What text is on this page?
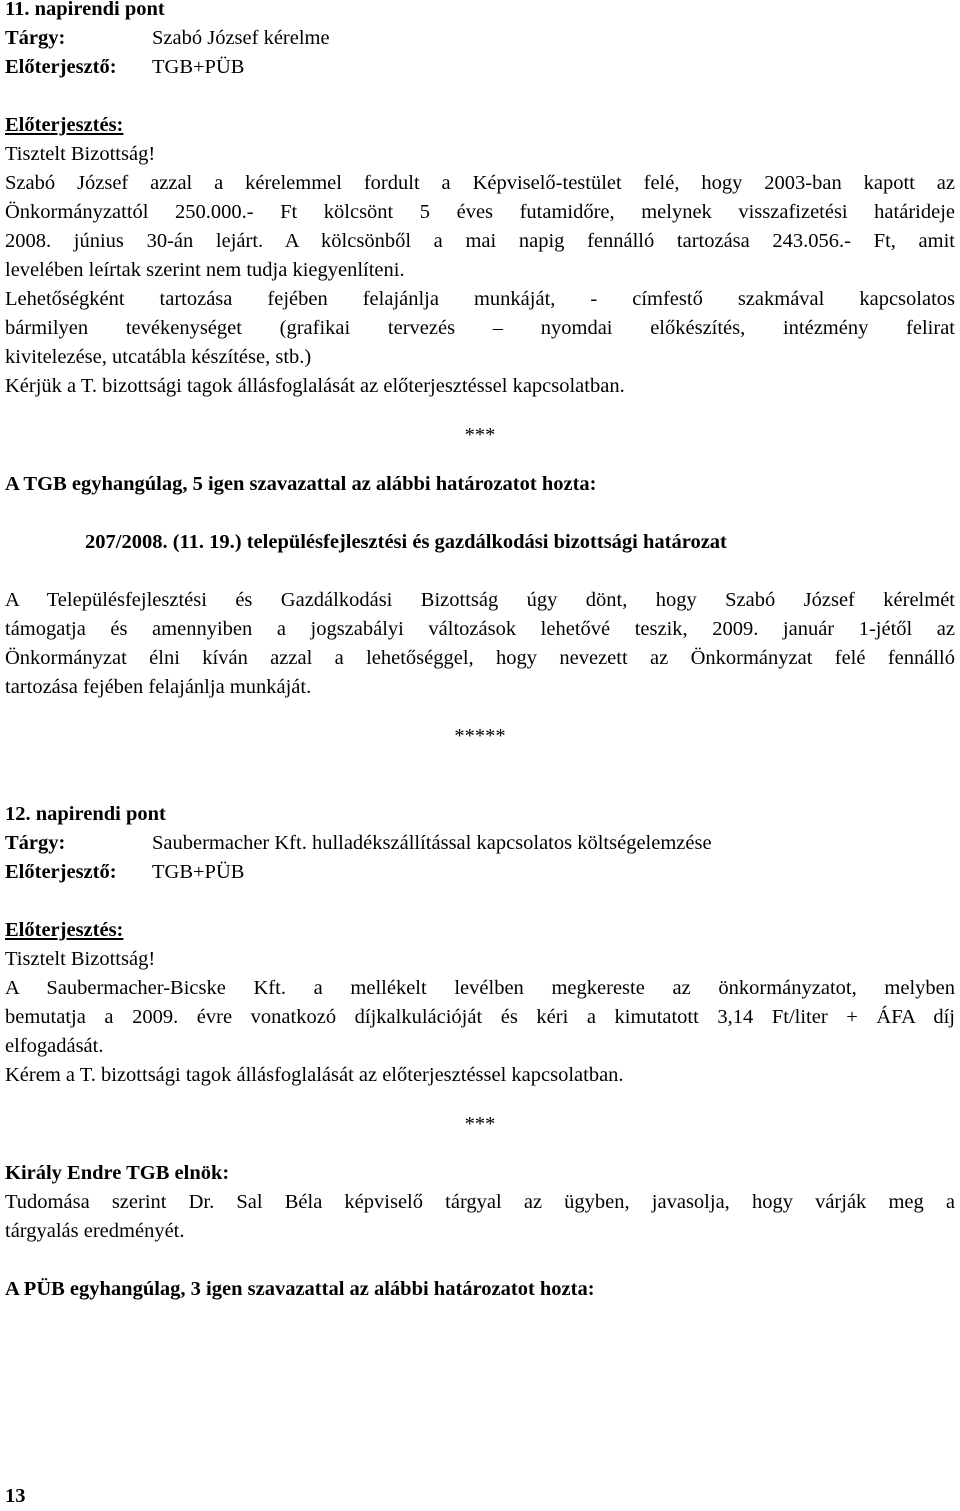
11. napirendi pont
Tárgy:	Szabó József kérelme
Előterjesztő: TGB+PÜB
Előterjesztés:
Tisztelt Bizottság!
Szabó József azzal a kérelemmel fordult a Képviselő-testület felé, hogy 2003-ban kapott az
Önkormányzattól 250.000.- Ft kölcsönt 5 éves futamidőre, melynek visszafizetési határideje
2008. június 30-án lejárt. A kölcsönből a mai napig fennálló tartozása 243.056.- Ft, amit
levelében leírtak szerint nem tudja kiegyenlíteni.
Lehetőségként tartozása fejében felajánlja munkáját, - címfestő szakmával kapcsolatos
bármilyen tevékenységet (grafikai tervezés – nyomdai előkészítés, intézmény felirat
kivitelezése, utcatábla készítése, stb.)
Kérjük a T. bizottsági tagok állásfoglalását az előterjesztéssel kapcsolatban.
***
A TGB egyhangúlag, 5 igen szavazattal az alábbi határozatot hozta:
207/2008. (11. 19.) településfejlesztési és gazdálkodási bizottsági határozat
A Településfejlesztési és Gazdálkodási Bizottság úgy dönt, hogy Szabó József kérelmét
támogatja és amennyiben a jogszabályi változások lehetővé teszik, 2009. január 1-jétől az
Önkormányzat élni kíván azzal a lehetőséggel, hogy nevezett az Önkormányzat felé fennálló
tartozása fejében felajánlja munkáját.
*****
12. napirendi pont
Tárgy:	Saubermacher Kft. hulladékszállítással kapcsolatos költségelemzése
Előterjesztő: TGB+PÜB
Előterjesztés:
Tisztelt Bizottság!
A Saubermacher-Bicske Kft. a mellékelt levélben megkereste az önkormányzatot, melyben
bemutatja a 2009. évre vonatkozó díjkalkulációját és kéri a kimutatott 3,14 Ft/liter + ÁFA díj
elfogadását.
Kérem a T. bizottsági tagok állásfoglalását az előterjesztéssel kapcsolatban.
***
Király Endre TGB elnök:
Tudomása szerint Dr. Sal Béla képviselő tárgyal az ügyben, javasolja, hogy várják meg a
tárgyalás eredményét.
A PÜB egyhangúlag, 3 igen szavazattal az alábbi határozatot hozta:
13
